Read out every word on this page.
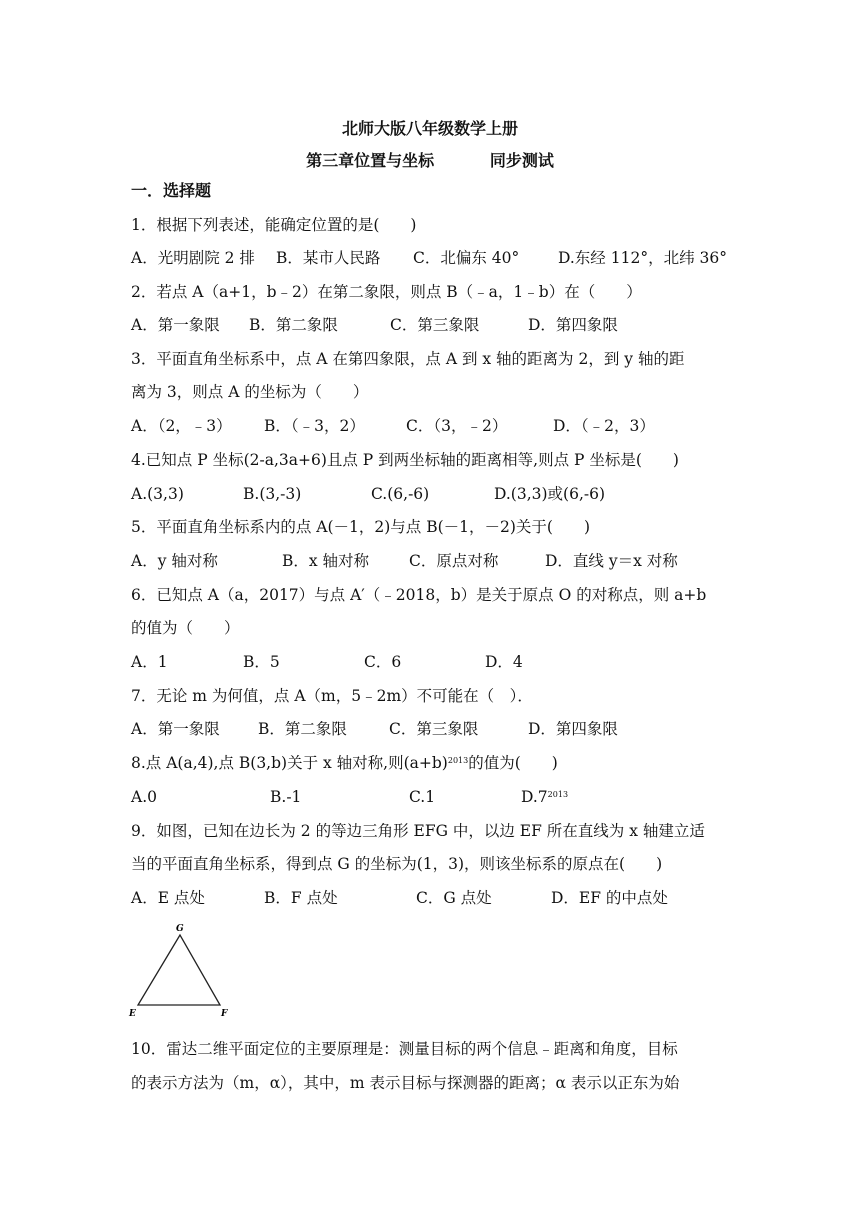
北师大版八年级数学上册
第三章位置与坐标          同步测试
一．选择题
1．根据下列表述，能确定位置的是(　　)
A．光明剧院 2 排 B．某市人民路 C．北偏东 40° D.东经 112°，北纬 36°
2．若点 A（a+1，b﹣2）在第二象限，则点 B（﹣a，1﹣b）在（　　）
A．第一象限 B．第二象限	C．第三象限	D．第四象限
3．平面直角坐标系中，点 A 在第四象限，点 A 到 x 轴的距离为 2，到 y 轴的距
离为 3，则点 A 的坐标为（　　）
A．（2，﹣3） B．（﹣3，2）	C．（3，﹣2）	D．（﹣2，3）
4.已知点 P 坐标(2-a,3a+6)且点 P 到两坐标轴的距离相等,则点 P 坐标是(　　)
A.(3,3)	B.(3,-3)	C.(6,-6)	D.(3,3)或(6,-6)
5．平面直角坐标系内的点 A(－1，2)与点 B(－1，－2)关于(　　)
A．y 轴对称	B．x 轴对称	C．原点对称	D．直线 y＝x 对称
6．已知点 A（a，2017）与点 A′（﹣2018，b）是关于原点 O 的对称点，则 a+b
的值为（　　）
A．1	B．5	C．6	D．4
7．无论 m 为何值，点 A（m，5﹣2m）不可能在（　）．
A．第一象限 B．第二象限	C．第三象限	D．第四象限
8.点 A(a,4),点 B(3,b)关于 x 轴对称,则$(a+b)^{2013}$的值为(　　)
A.0	B.-1	C.1	$D.7^{2013}$
9．如图，已知在边长为 2 的等边三角形 EFG 中，以边 EF 所在直线为 x 轴建立适
当的平面直角坐标系，得到点 G 的坐标为(1，3)，则该坐标系的原点在(　　)
A．E 点处	B．F 点处	C．G 点处	D．EF 的中点处
G
E	F
10．雷达二维平面定位的主要原理是：测量目标的两个信息﹣距离和角度，目标
的表示方法为（m，α），其中，m 表示目标与探测器的距离；α 表示以正东为始
